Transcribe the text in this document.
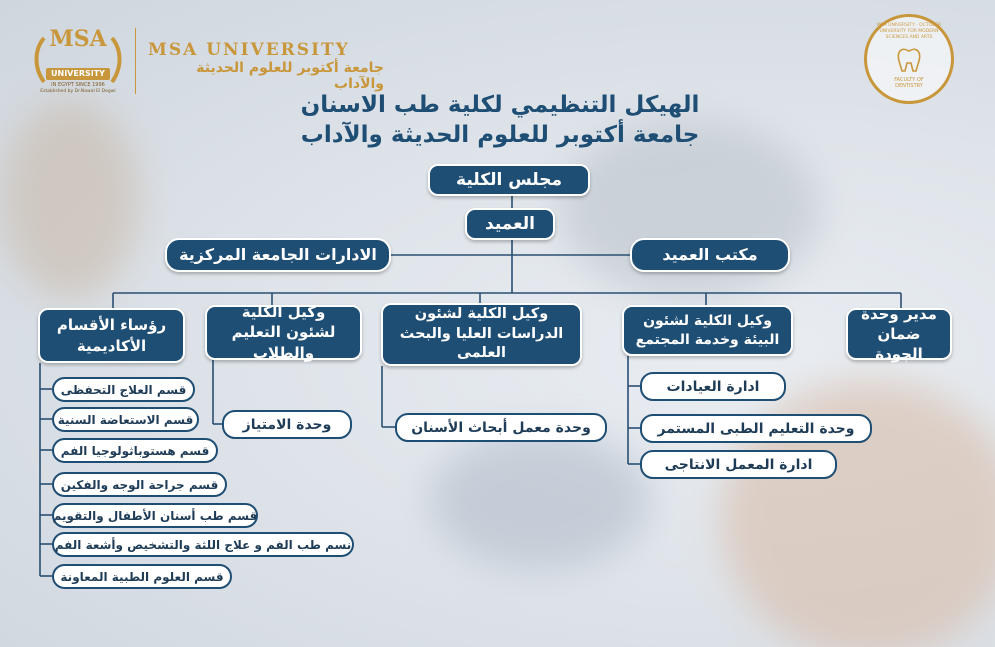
MSA
UNIVERSITY
IN EGYPT SINCE 1996
Established by Dr.Nawal El Degwi
MSA UNIVERSITY
جامعة أكتوبر للعلوم الحديثة والآداب
MSA UNIVERSITY · OCTOBER UNIVERSITY FOR MODERN SCIENCES AND ARTS
FACULTY OF DENTISTRY
الهيكل التنظيمي لكلية طب الاسنان
جامعة أكتوبر للعلوم الحديثة والآداب
مجلس الكلية
العميد
الادارات الجامعة المركزية	مكتب العميد
رؤساء الأقسام الأكاديمية
وكيل الكلية لشئون التعليم والطلاب
وكيل الكلية لشئون الدراسات العليا والبحث العلمى
وكيل الكلية لشئون البيئة وخدمة المجتمع
مدير وحدة ضمان الجودة
قسم العلاج التحفظى
قسم الاستعاضة السنية
قسم هستوباثولوجيا الفم
قسم جراحة الوجه والفكين
قسم طب أسنان الأطفال والتقويم
نسم طب الفم و علاج اللثة والتشخيص وأشعة الفم
قسم العلوم الطبية المعاونة
وحدة الامتياز	وحدة معمل أبحاث الأسنان
ادارة العيادات
وحدة التعليم الطبى المستمر
ادارة المعمل الانتاجى
